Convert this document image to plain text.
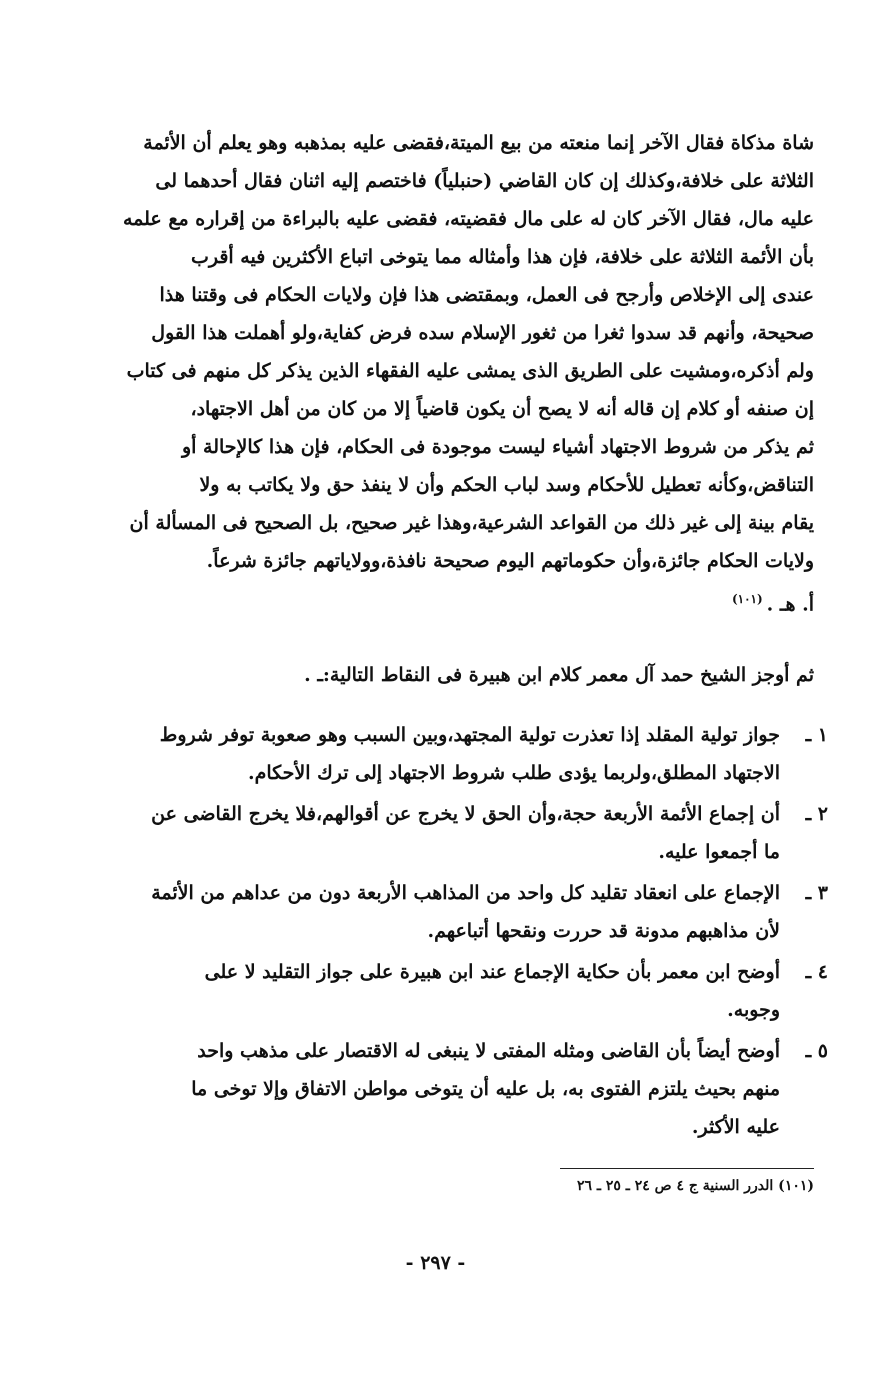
شاة مذكاة فقال الآخر إنما منعته من بيع الميتة،فقضى عليه بمذهبه وهو يعلم أن الأئمة
الثلاثة على خلافة،وكذلك إن كان القاضي (حنبلياً) فاختصم إليه اثنان فقال أحدهما لى
عليه مال، فقال الآخر كان له على مال فقضيته، فقضى عليه بالبراءة من إقراره مع علمه
بأن الأئمة الثلاثة على خلافة، فإن هذا وأمثاله مما يتوخى اتباع الأكثرين فيه أقرب
عندى إلى الإخلاص وأرجح فى العمل، وبمقتضى هذا فإن ولايات الحكام فى وقتنا هذا
صحيحة، وأنهم قد سدوا ثغرا من ثغور الإسلام سده فرض كفاية،ولو أهملت هذا القول
ولم أذكره،ومشيت على الطريق الذى يمشى عليه الفقهاء الذين يذكر كل منهم فى كتاب
إن صنفه أو كلام إن قاله أنه لا يصح أن يكون قاضياً إلا من كان من أهل الاجتهاد،
ثم يذكر من شروط الاجتهاد أشياء ليست موجودة فى الحكام، فإن هذا كالإحالة أو
التناقض،وكأنه تعطيل للأحكام وسد لباب الحكم وأن لا ينفذ حق ولا يكاتب به ولا
يقام بينة إلى غير ذلك من القواعد الشرعية،وهذا غير صحيح، بل الصحيح فى المسألة أن
ولايات الحكام جائزة،وأن حكوماتهم اليوم صحيحة نافذة،وولاياتهم جائزة شرعاً.
أ. هـ .$^{(١٠١)}$
ثم أوجز الشيخ حمد آل معمر كلام ابن هبيرة فى النقاط التالية:ـ .
١ ـ
جواز تولية المقلد إذا تعذرت تولية المجتهد،وبين السبب وهو صعوبة توفر شروط
الاجتهاد المطلق،ولربما يؤدى طلب شروط الاجتهاد إلى ترك الأحكام.
٢ ـ
أن إجماع الأئمة الأربعة حجة،وأن الحق لا يخرج عن أقوالهم،فلا يخرج القاضى عن
ما أجمعوا عليه.
٣ ـ
الإجماع على انعقاد تقليد كل واحد من المذاهب الأربعة دون من عداهم من الأئمة
لأن مذاهبهم مدونة قد حررت ونقحها أتباعهم.
٤ ـ
أوضح ابن معمر بأن حكاية الإجماع عند ابن هبيرة على جواز التقليد لا على
وجوبه.
٥ ـ
أوضح أيضاً بأن القاضى ومثله المفتى لا ينبغى له الاقتصار على مذهب واحد
منهم بحيث يلتزم الفتوى به، بل عليه أن يتوخى مواطن الاتفاق وإلا توخى ما
عليه الأكثر.
(١٠١) الدرر السنية ج ٤ ص ٢٤ ـ ٢٥ ـ ٢٦
- ٢٩٧ -
